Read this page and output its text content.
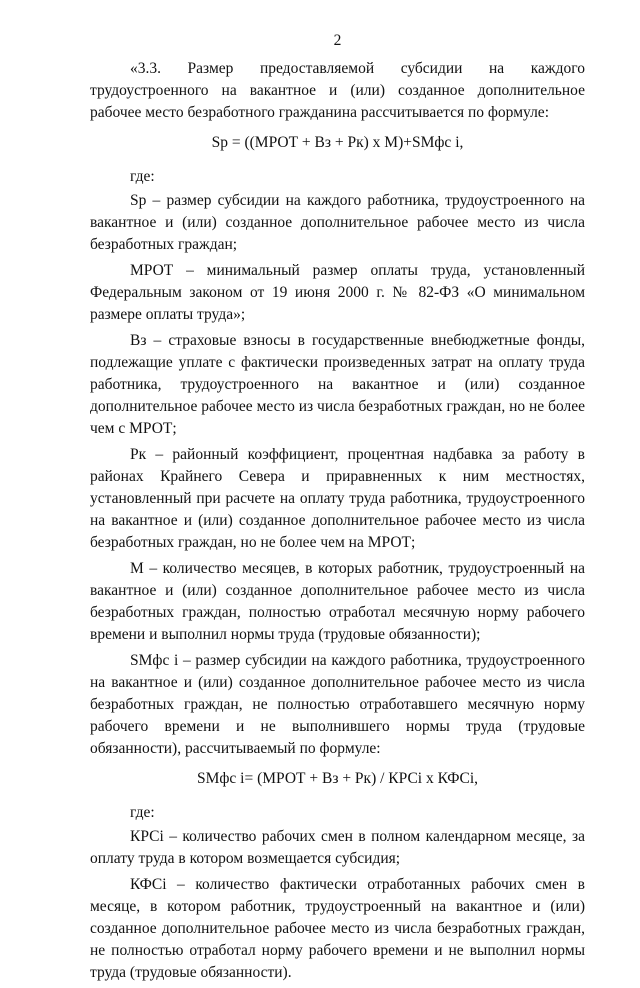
2

«3.3. Размер предоставляемой субсидии на каждого трудоустроенного на вакантное и (или) созданное дополнительное рабочее место безработного гражданина рассчитывается по формуле:

Sp = ((МРОТ + Вз + Рк) x М)+SМфс i,

где:

Sp – размер субсидии на каждого работника, трудоустроенного на вакантное и (или) созданное дополнительное рабочее место из числа безработных граждан;

МРОТ – минимальный размер оплаты труда, установленный Федеральным законом от 19 июня 2000 г. № 82-ФЗ «О минимальном размере оплаты труда»;

Вз – страховые взносы в государственные внебюджетные фонды, подлежащие уплате с фактически произведенных затрат на оплату труда работника, трудоустроенного на вакантное и (или) созданное дополнительное рабочее место из числа безработных граждан, но не более чем с МРОТ;

Рк – районный коэффициент, процентная надбавка за работу в районах Крайнего Севера и приравненных к ним местностях, установленный при расчете на оплату труда работника, трудоустроенного на вакантное и (или) созданное дополнительное рабочее место из числа безработных граждан, но не более чем на МРОТ;

М – количество месяцев, в которых работник, трудоустроенный на вакантное и (или) созданное дополнительное рабочее место из числа безработных граждан, полностью отработал месячную норму рабочего времени и выполнил нормы труда (трудовые обязанности);

SМфс i – размер субсидии на каждого работника, трудоустроенного на вакантное и (или) созданное дополнительное рабочее место из числа безработных граждан, не полностью отработавшего месячную норму рабочего времени и не выполнившего нормы труда (трудовые обязанности), рассчитываемый по формуле:

SМфс i= (МРОТ + Вз + Рк) / КРСi x КФСi,

где:

КРСi – количество рабочих смен в полном календарном месяце, за оплату труда в котором возмещается субсидия;

КФСi – количество фактически отработанных рабочих смен в месяце, в котором работник, трудоустроенный на вакантное и (или) созданное дополнительное рабочее место из числа безработных граждан, не полностью отработал норму рабочего времени и не выполнил нормы труда (трудовые обязанности).
